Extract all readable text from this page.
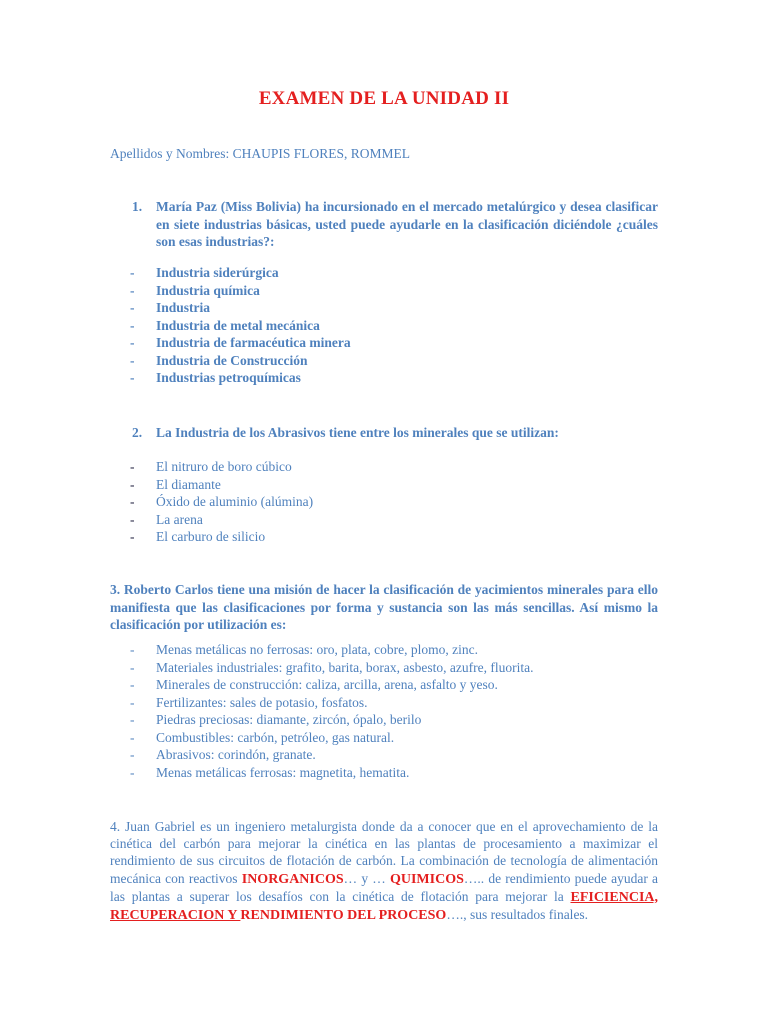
EXAMEN DE LA UNIDAD II
Apellidos y Nombres: CHAUPIS FLORES, ROMMEL
1. María Paz (Miss Bolivia) ha incursionado en el mercado metalúrgico y desea clasificar en siete industrias básicas, usted puede ayudarle en la clasificación diciéndole ¿cuáles son esas industrias?:
- Industria siderúrgica
- Industria química
- Industria
- Industria de metal mecánica
- Industria de farmacéutica minera
- Industria de Construcción
- Industrias petroquímicas
2. La Industria de los Abrasivos tiene entre los minerales que se utilizan:
- El nitruro de boro cúbico
- El diamante
- Óxido de aluminio (alúmina)
- La arena
- El carburo de silicio
3. Roberto Carlos tiene una misión de hacer la clasificación de yacimientos minerales para ello manifiesta que las clasificaciones por forma y sustancia son las más sencillas. Así mismo la clasificación por utilización es:
- Menas metálicas no ferrosas: oro, plata, cobre, plomo, zinc.
- Materiales industriales: grafito, barita, borax, asbesto, azufre, fluorita.
- Minerales de construcción: caliza, arcilla, arena, asfalto y yeso.
- Fertilizantes: sales de potasio, fosfatos.
- Piedras preciosas: diamante, zircón, ópalo, berilo
- Combustibles: carbón, petróleo, gas natural.
- Abrasivos: corindón, granate.
- Menas metálicas ferrosas: magnetita, hematita.
4. Juan Gabriel es un ingeniero metalurgista donde da a conocer que en el aprovechamiento de la cinética del carbón para mejorar la cinética en las plantas de procesamiento a maximizar el rendimiento de sus circuitos de flotación de carbón. La combinación de tecnología de alimentación mecánica con reactivos INORGANICOS… y … QUIMICOS….. de rendimiento puede ayudar a las plantas a superar los desafíos con la cinética de flotación para mejorar la EFICIENCIA, RECUPERACION Y RENDIMIENTO DEL PROCESO…., sus resultados finales.
